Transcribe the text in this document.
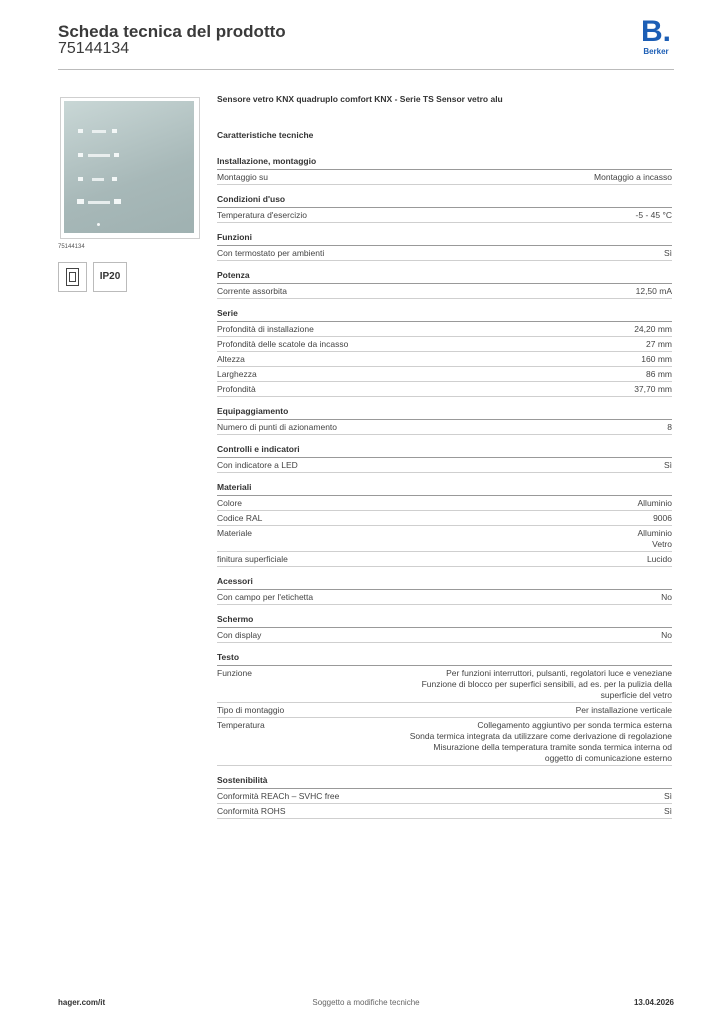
Scheda tecnica del prodotto
75144134
B.
Berker
75144134
IP20
Sensore vetro KNX quadruplo comfort KNX - Serie TS Sensor vetro alu
Caratteristiche tecniche
Installazione, montaggio
Montaggio su	Montaggio a incasso
Condizioni d'uso
Temperatura d'esercizio	-5 - 45 °C
Funzioni
Con termostato per ambienti	Sì
Potenza
Corrente assorbita	12,50 mA
Serie
Profondità di installazione	24,20 mm
Profondità delle scatole da incasso	27 mm
Altezza	160 mm
Larghezza	86 mm
Profondità	37,70 mm
Equipaggiamento
Numero di punti di azionamento	8
Controlli e indicatori
Con indicatore a LED	Sì
Materiali
Colore	Alluminio
Codice RAL	9006
Materiale	Alluminio
Vetro
finitura superficiale	Lucido
Acessori
Con campo per l'etichetta	No
Schermo
Con display	No
Testo
Funzione	Per funzioni interruttori, pulsanti, regolatori luce e veneziane
Funzione di blocco per superfici sensibili, ad es. per la pulizia della
superficie del vetro
Tipo di montaggio	Per installazione verticale
Temperatura	Collegamento aggiuntivo per sonda termica esterna
Sonda termica integrata da utilizzare come derivazione di regolazione
Misurazione della temperatura tramite sonda termica interna od
oggetto di comunicazione esterno
Sostenibilità
Conformità REACh – SVHC free	Sì
Conformità ROHS	Sì
hager.com/it	Soggetto a modifiche tecniche	13.04.2026
